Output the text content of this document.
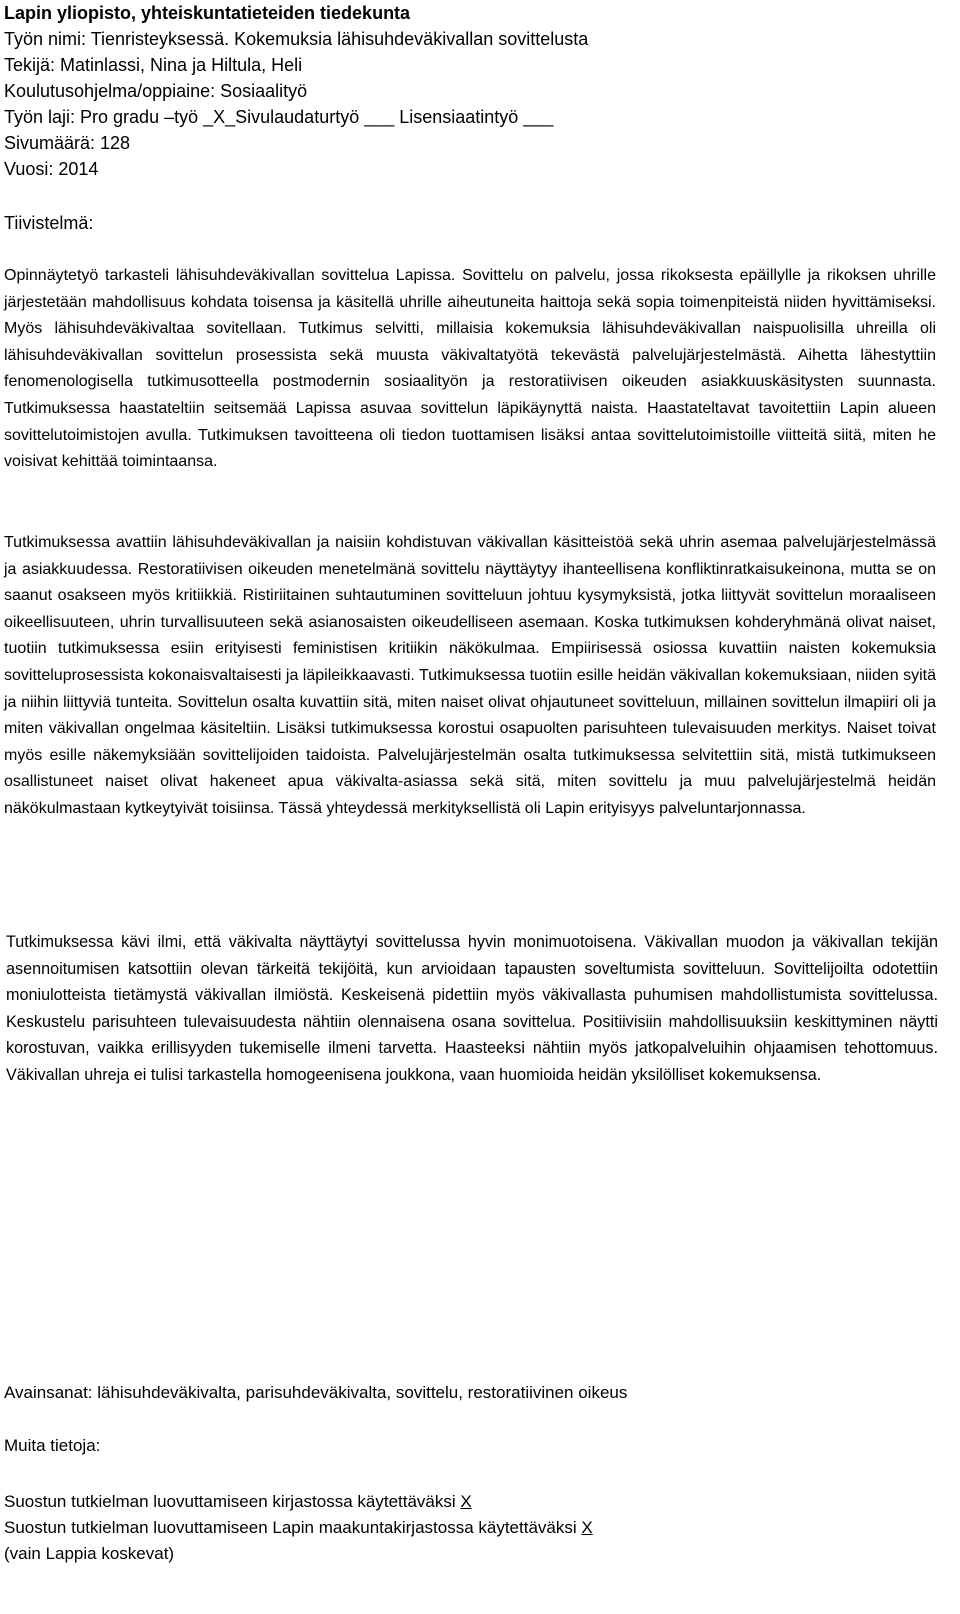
Lapin yliopisto, yhteiskuntatieteiden tiedekunta
Työn nimi: Tienristeyksessä. Kokemuksia lähisuhdeväkivallan sovittelusta
Tekijä: Matinlassi, Nina ja Hiltula, Heli
Koulutusohjelma/oppiaine: Sosiaalityö
Työn laji: Pro gradu –työ _X_Sivulaudaturtyö ___ Lisensiaatintyö ___
Sivumäärä: 128
Vuosi: 2014
Tiivistelmä:

Opinnäytetyö tarkasteli lähisuhdeväkivallan sovittelua Lapissa. Sovittelu on palvelu, jossa rikoksesta epäillylle ja rikoksen uhrille järjestetään mahdollisuus kohdata toisensa ja käsitellä uhrille aiheutuneita haittoja sekä sopia toimenpiteistä niiden hyvittämiseksi. Myös lähisuhdeväkivaltaa sovitellaan. Tutkimus selvitti, millaisia kokemuksia lähisuhdeväkivallan naispuolisilla uhreilla oli lähisuhdeväkivallan sovittelun prosessista sekä muusta väkivaltatyötä tekevästä palvelujärjestelmästä. Aihetta lähestyttiin fenomenologisella tutkimusotteella postmodernin sosiaalityön ja restoratiivisen oikeuden asiakkuuskäsitysten suunnasta. Tutkimuksessa haastateltiin seitsemää Lapissa asuvaa sovittelun läpikäynyttä naista. Haastateltavat tavoitettiin Lapin alueen sovittelutoimistojen avulla. Tutkimuksen tavoitteena oli tiedon tuottamisen lisäksi antaa sovittelutoimistoille viitteitä siitä, miten he voisivat kehittää toimintaansa.

Tutkimuksessa avattiin lähisuhdeväkivallan ja naisiin kohdistuvan väkivallan käsitteistöä sekä uhrin asemaa palvelujärjestelmässä ja asiakkuudessa. Restoratiivisen oikeuden menetelmänä sovittelu näyttäytyy ihanteellisena konfliktinratkaisukeinona, mutta se on saanut osakseen myös kritiikkiä. Ristiriitainen suhtautuminen sovitteluun johtuu kysymyksistä, jotka liittyvät sovittelun moraaliseen oikeellisuuteen, uhrin turvallisuuteen sekä asianosaisten oikeudelliseen asemaan. Koska tutkimuksen kohderyhmänä olivat naiset, tuotiin tutkimuksessa esiin erityisesti feministisen kritiikin näkökulmaa. Empiirisessä osiossa kuvattiin naisten kokemuksia sovitteluprosessista kokonaisvaltaisesti ja läpileikkaavasti. Tutkimuksessa tuotiin esille heidän väkivallan kokemuksiaan, niiden syitä ja niihin liittyviä tunteita. Sovittelun osalta kuvattiin sitä, miten naiset olivat ohjautuneet sovitteluun, millainen sovittelun ilmapiiri oli ja miten väkivallan ongelmaa käsiteltiin. Lisäksi tutkimuksessa korostui osapuolten parisuhteen tulevaisuuden merkitys. Naiset toivat myös esille näkemyksiään sovittelijoiden taidoista. Palvelujärjestelmän osalta tutkimuksessa selvitettiin sitä, mistä tutkimukseen osallistuneet naiset olivat hakeneet apua väkivalta-asiassa sekä sitä, miten sovittelu ja muu palvelujärjestelmä heidän näkökulmastaan kytkeytyivät toisiinsa. Tässä yhteydessä merkityksellistä oli Lapin erityisyys palveluntarjonnassa.

Tutkimuksessa kävi ilmi, että väkivalta näyttäytyi sovittelussa hyvin monimuotoisena. Väkivallan muodon ja väkivallan tekijän asennoitumisen katsottiin olevan tärkeitä tekijöitä, kun arvioidaan tapausten soveltumista sovitteluun. Sovittelijoilta odotettiin moniulotteista tietämystä väkivallan ilmiöstä. Keskeisenä pidettiin myös väkivallasta puhumisen mahdollistumista sovittelussa. Keskustelu parisuhteen tulevaisuudesta nähtiin olennaisena osana sovittelua. Positiivisiin mahdollisuuksiin keskittyminen näytti korostuvan, vaikka erillisyyden tukemiselle ilmeni tarvetta. Haasteeksi nähtiin myös jatkopalveluihin ohjaamisen tehottomuus. Väkivallan uhreja ei tulisi tarkastella homogeenisena joukkona, vaan huomioida heidän yksilölliset kokemuksensa.

Avainsanat: lähisuhdeväkivalta, parisuhdeväkivalta, sovittelu, restoratiivinen oikeus
Muita tietoja:
Suostun tutkielman luovuttamiseen kirjastossa käytettäväksi X
Suostun tutkielman luovuttamiseen Lapin maakuntakirjastossa käytettäväksi X
(vain Lappia koskevat)
